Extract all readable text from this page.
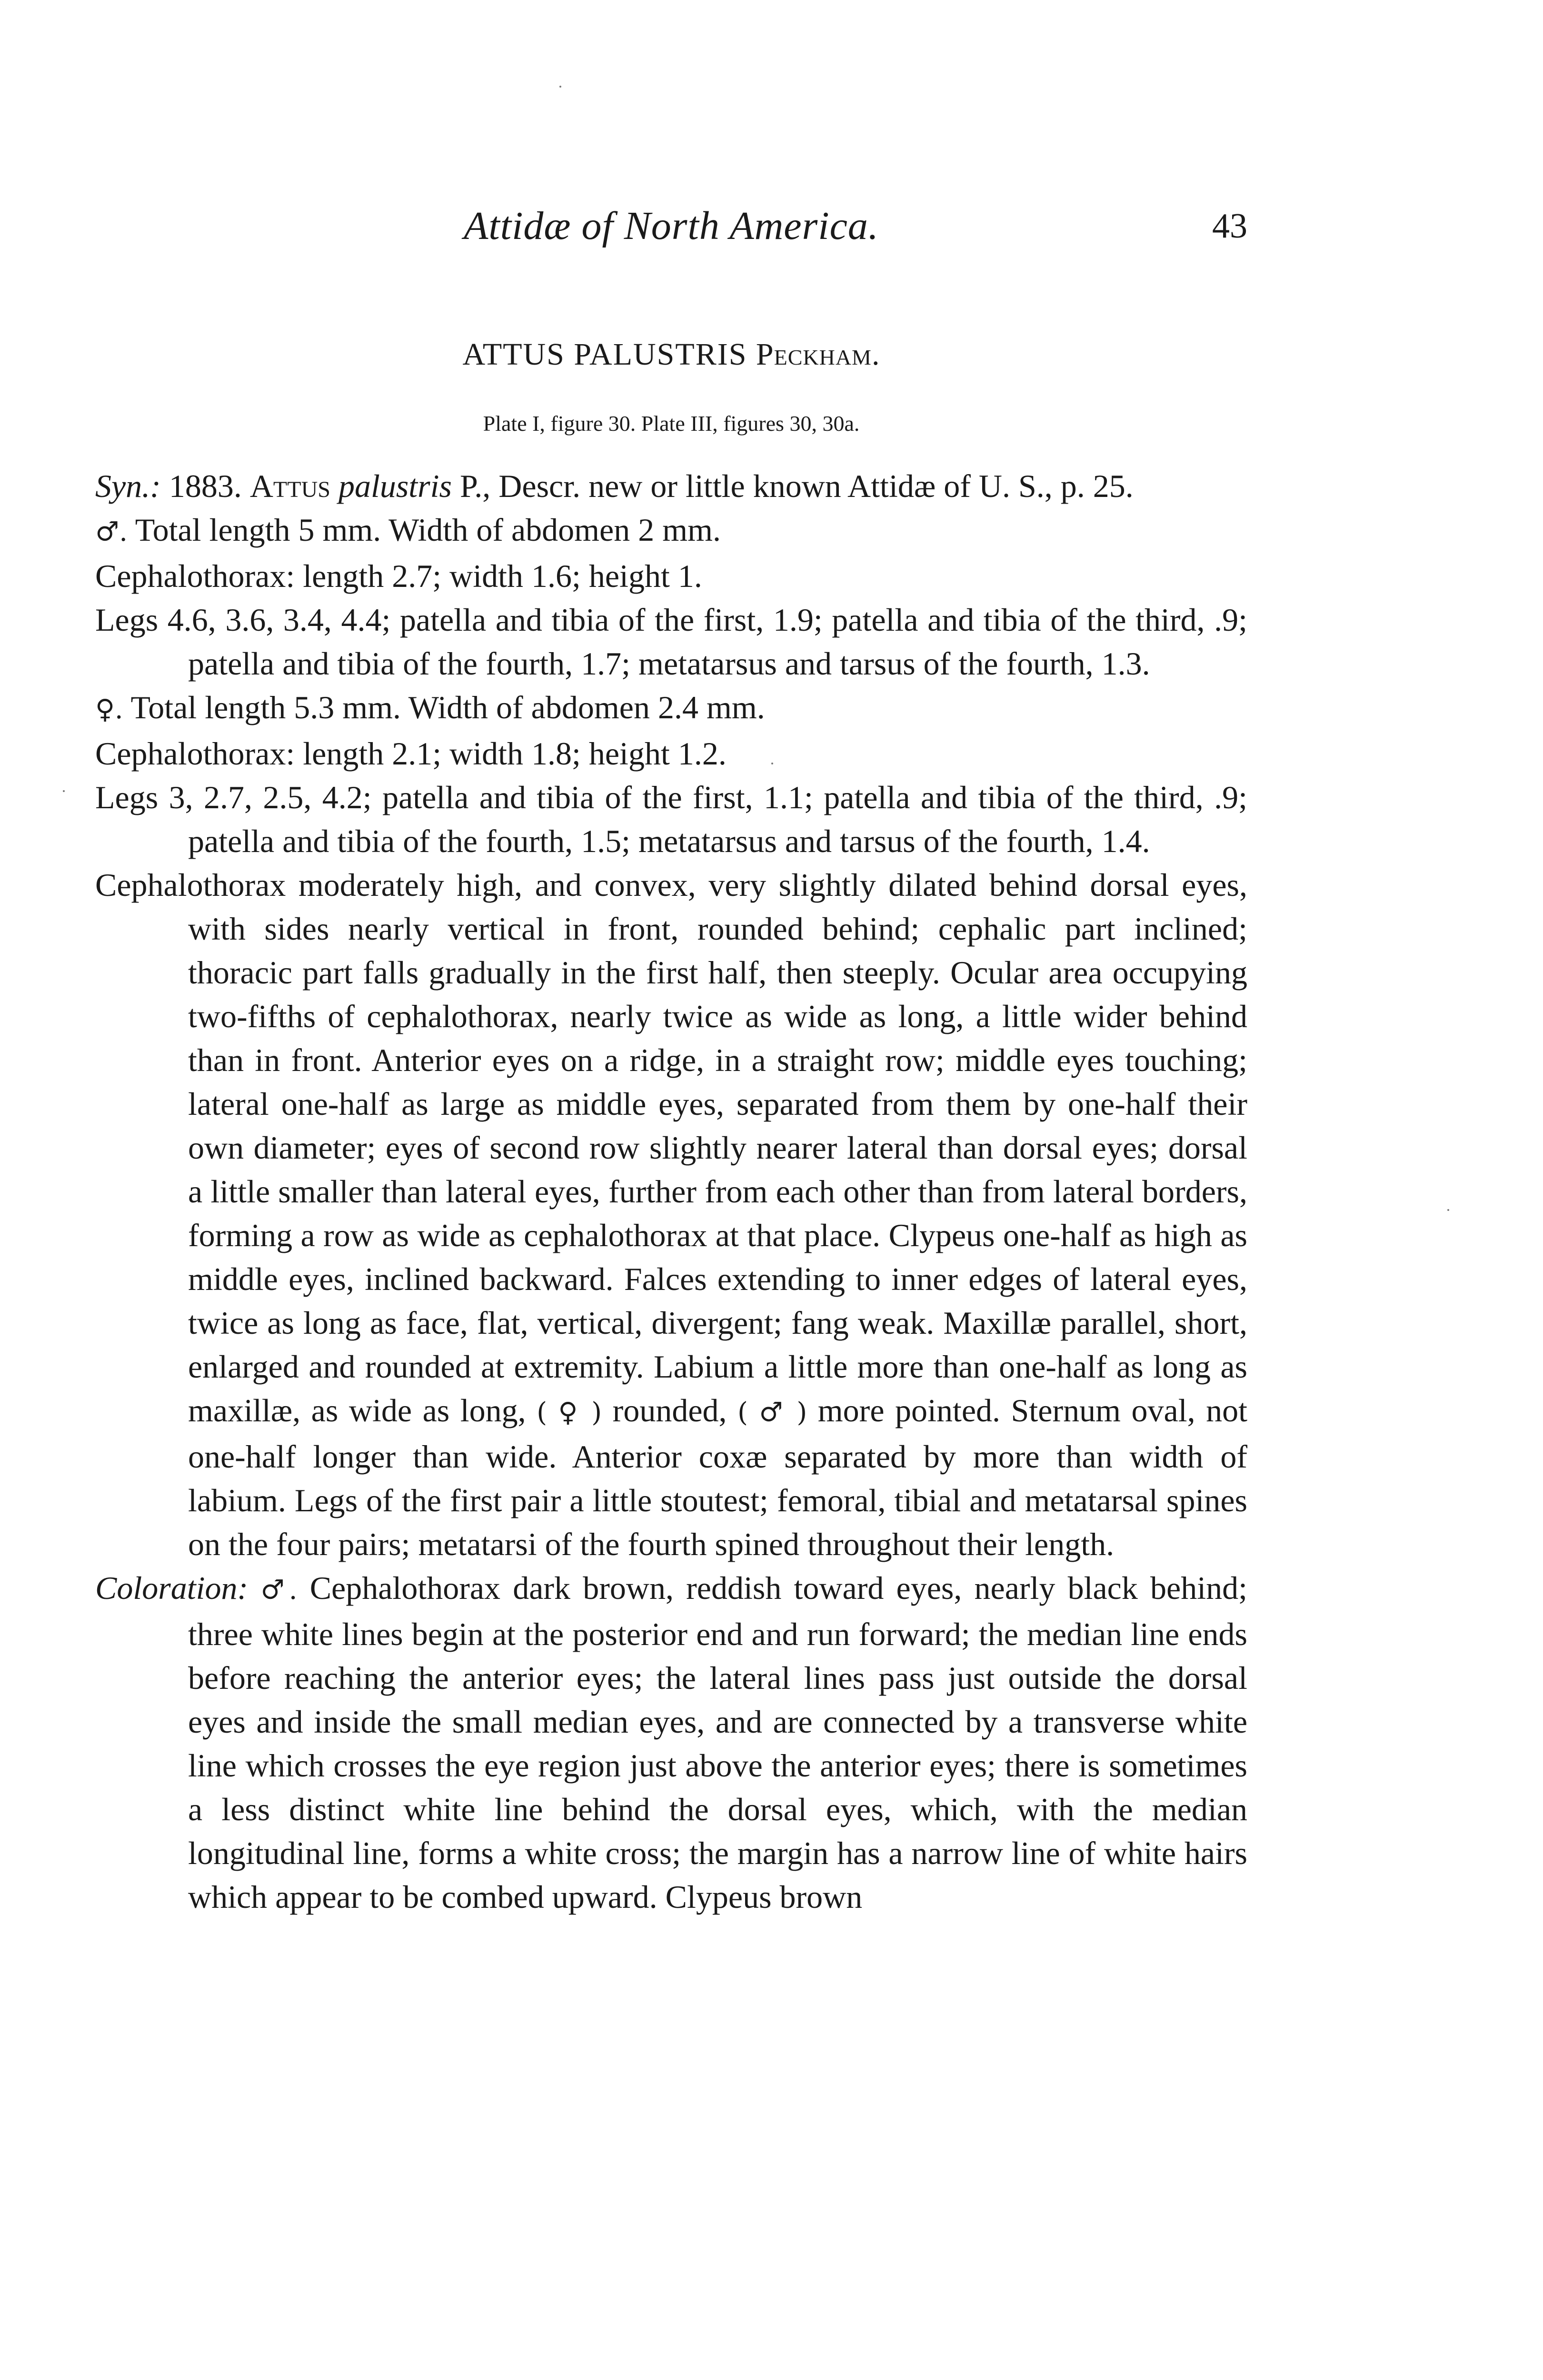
Attidæ of North America.	43
ATTUS PALUSTRIS Peckham.
Plate I, figure 30. Plate III, figures 30, 30a.

Syn.: 1883. Attus palustris P., Descr. new or little known Attidæ of U. S., p. 25.

♂. Total length 5 mm. Width of abdomen 2 mm.

Cephalothorax: length 2.7; width 1.6; height 1.

Legs 4.6, 3.6, 3.4, 4.4; patella and tibia of the first, 1.9; patella and tibia of the third, .9; patella and tibia of the fourth, 1.7; metatarsus and tarsus of the fourth, 1.3.

♀. Total length 5.3 mm. Width of abdomen 2.4 mm.

Cephalothorax: length 2.1; width 1.8; height 1.2.

Legs 3, 2.7, 2.5, 4.2; patella and tibia of the first, 1.1; patella and tibia of the third, .9; patella and tibia of the fourth, 1.5; metatarsus and tarsus of the fourth, 1.4.

Cephalothorax moderately high, and convex, very slightly dilated behind dorsal eyes, with sides nearly vertical in front, rounded behind; cephalic part inclined; thoracic part falls gradually in the first half, then steeply. Ocular area occupying two-fifths of cephalothorax, nearly twice as wide as long, a little wider behind than in front. Anterior eyes on a ridge, in a straight row; middle eyes touching; lateral one-half as large as middle eyes, separated from them by one-half their own diameter; eyes of second row slightly nearer lateral than dorsal eyes; dorsal a little smaller than lateral eyes, further from each other than from lateral borders, forming a row as wide as cephalothorax at that place. Clypeus one-half as high as middle eyes, inclined backward. Falces extending to inner edges of lateral eyes, twice as long as face, flat, vertical, divergent; fang weak. Maxillæ parallel, short, enlarged and rounded at extremity. Labium a little more than one-half as long as maxillæ, as wide as long, ( ♀ ) rounded, ( ♂ ) more pointed. Sternum oval, not one-half longer than wide. Anterior coxæ separated by more than width of labium. Legs of the first pair a little stoutest; femoral, tibial and metatarsal spines on the four pairs; metatarsi of the fourth spined throughout their length.

Coloration: ♂. Cephalothorax dark brown, reddish toward eyes, nearly black behind; three white lines begin at the posterior end and run forward; the median line ends before reaching the anterior eyes; the lateral lines pass just outside the dorsal eyes and inside the small median eyes, and are connected by a transverse white line which crosses the eye region just above the anterior eyes; there is sometimes a less distinct white line behind the dorsal eyes, which, with the median longitudinal line, forms a white cross; the margin has a narrow line of white hairs which appear to be combed upward. Clypeus brown
